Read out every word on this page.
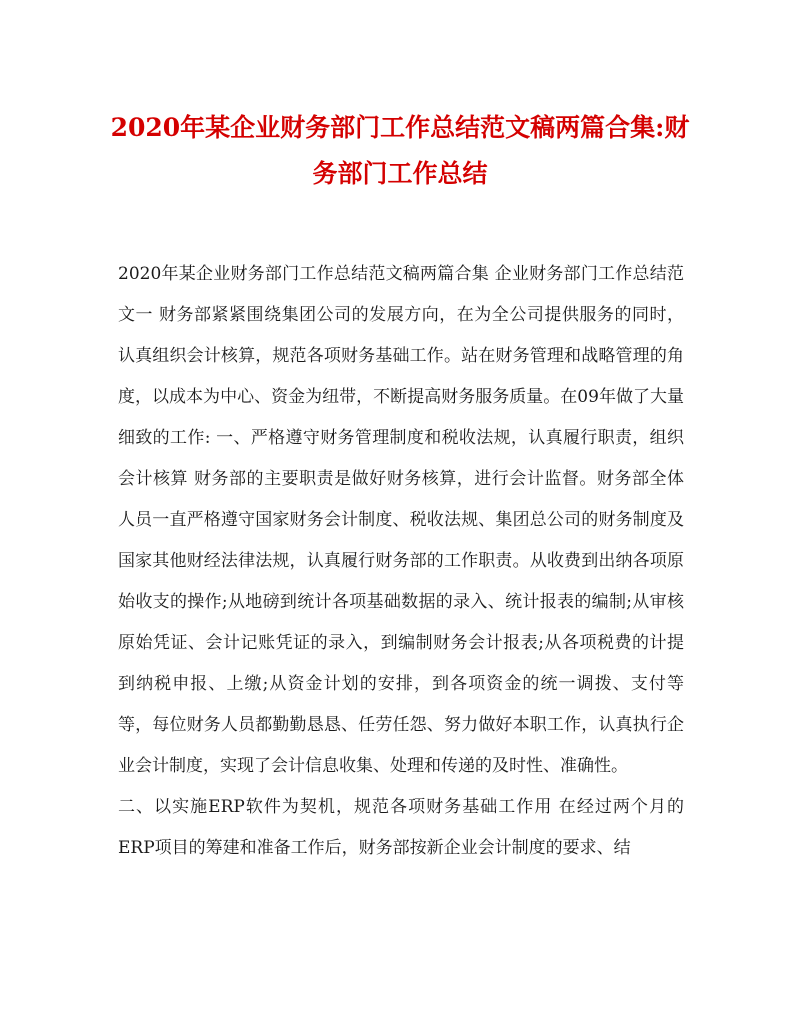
2020年某企业财务部门工作总结范文稿两篇合集:财务部门工作总结

2020年某企业财务部门工作总结范文稿两篇合集 企业财务部门工作总结范文一 财务部紧紧围绕集团公司的发展方向，在为全公司提供服务的同时，认真组织会计核算，规范各项财务基础工作。站在财务管理和战略管理的角度，以成本为中心、资金为纽带，不断提高财务服务质量。在09年做了大量细致的工作: 一、严格遵守财务管理制度和税收法规，认真履行职责，组织会计核算 财务部的主要职责是做好财务核算，进行会计监督。财务部全体人员一直严格遵守国家财务会计制度、税收法规、集团总公司的财务制度及国家其他财经法律法规，认真履行财务部的工作职责。从收费到出纳各项原始收支的操作;从地磅到统计各项基础数据的录入、统计报表的编制;从审核原始凭证、会计记账凭证的录入，到编制财务会计报表;从各项税费的计提到纳税申报、上缴;从资金计划的安排，到各项资金的统一调拨、支付等等，每位财务人员都勤勤恳恳、任劳任怨、努力做好本职工作，认真执行企业会计制度，实现了会计信息收集、处理和传递的及时性、准确性。

二、以实施ERP软件为契机，规范各项财务基础工作用 在经过两个月的ERP项目的筹建和准备工作后，财务部按新企业会计制度的要求、结
